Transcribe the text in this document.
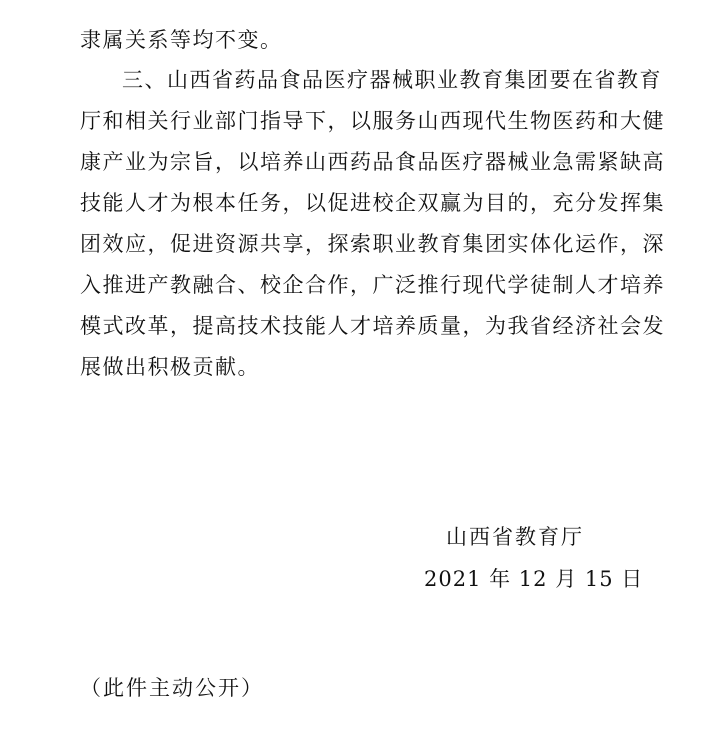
隶属关系等均不变。
三、山西省药品食品医疗器械职业教育集团要在省教育
厅和相关行业部门指导下，以服务山西现代生物医药和大健
康产业为宗旨，以培养山西药品食品医疗器械业急需紧缺高
技能人才为根本任务，以促进校企双赢为目的，充分发挥集
团效应，促进资源共享，探索职业教育集团实体化运作，深
入推进产教融合、校企合作，广泛推行现代学徒制人才培养
模式改革，提高技术技能人才培养质量，为我省经济社会发
展做出积极贡献。
山西省教育厅
2021 年 12 月 15 日
（此件主动公开）
